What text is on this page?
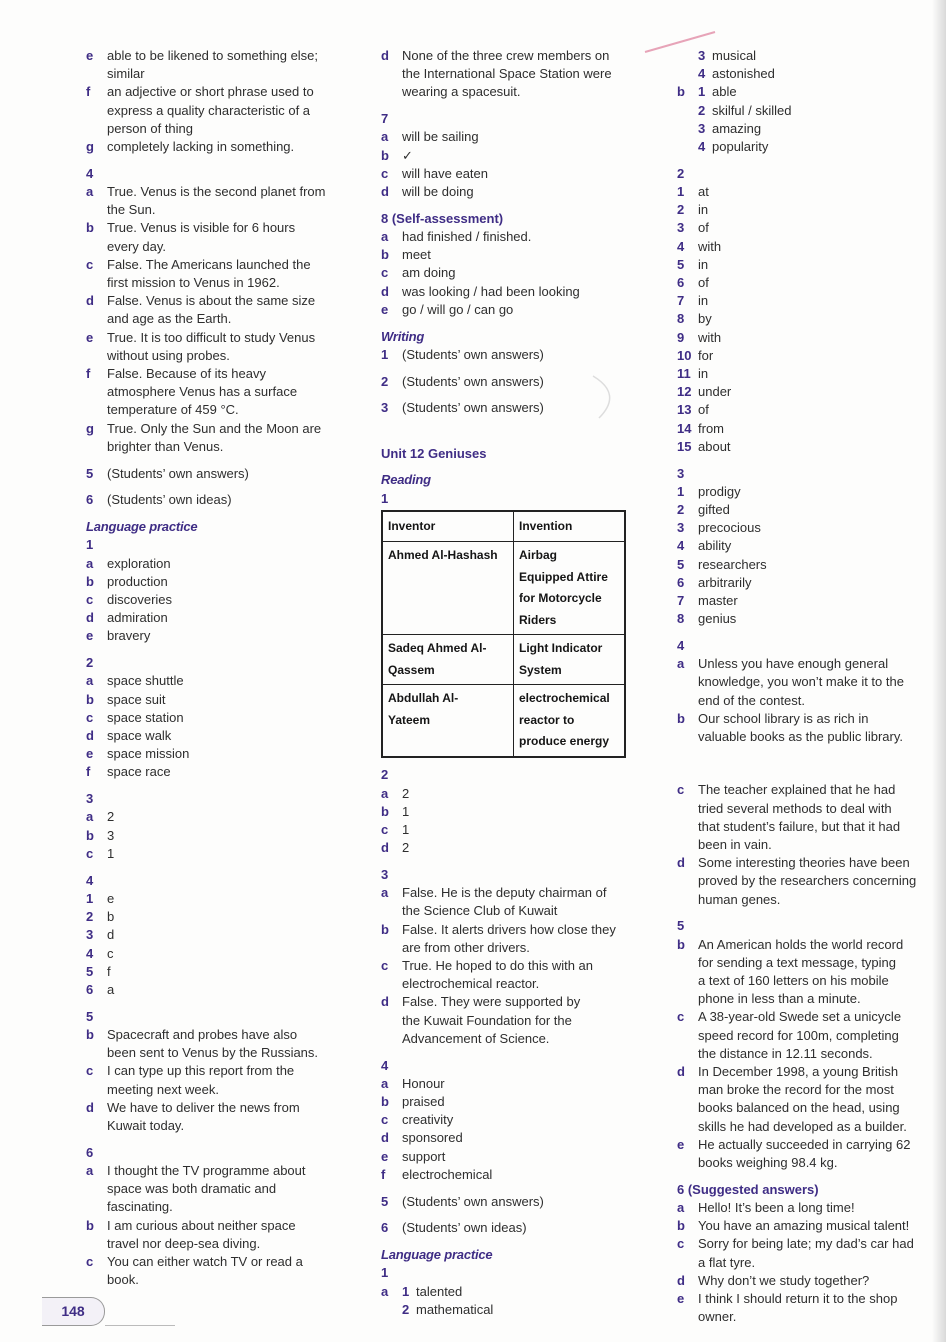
e	able to be likened to something else;
similar
f	an adjective or short phrase used to
express a quality characteristic of a
person of thing
g	completely lacking in something.
4
a	True. Venus is the second planet from
the Sun.
b	True. Venus is visible for 6 hours
every day.
c	False. The Americans launched the
first mission to Venus in 1962.
d	False. Venus is about the same size
and age as the Earth.
e	True. It is too difficult to study Venus
without using probes.
f	False. Because of its heavy
atmosphere Venus has a surface
temperature of 459 °C.
g	True. Only the Sun and the Moon are
brighter than Venus.
5	(Students’ own answers)
6	(Students’ own ideas)
Language practice
1
a	exploration
b	production
c	discoveries
d	admiration
e	bravery
2
a	space shuttle
b	space suit
c	space station
d	space walk
e	space mission
f	space race
3
a	2
b	3
c	1
4
1	e
2	b
3	d
4	c
5	f
6	a
5
b	Spacecraft and probes have also
been sent to Venus by the Russians.
c	I can type up this report from the
meeting next week.
d	We have to deliver the news from
Kuwait today.
6
a	I thought the TV programme about
space was both dramatic and
fascinating.
b	I am curious about neither space
travel nor deep-sea diving.
c	You can either watch TV or read a
book.
d	None of the three crew members on
the International Space Station were
wearing a spacesuit.
7
a	will be sailing
b	✓
c	will have eaten
d	will be doing
8 (Self-assessment)
a	had finished / finished.
b	meet
c	am doing
d	was looking / had been looking
e	go / will go / can go
Writing
1	(Students’ own answers)
2	(Students’ own answers)
3	(Students’ own answers)
Unit 12 Geniuses
Reading
1
Inventor	Invention
Ahmed Al-Hashash	Airbag
Equipped Attire
for Motorcycle
Riders
Sadeq Ahmed Al-
Qassem	Light Indicator
System
Abdullah Al-
Yateem	electrochemical
reactor to
produce energy
2
a	2
b	1
c	1
d	2
3
a	False. He is the deputy chairman of
the Science Club of Kuwait
b	False. It alerts drivers how close they
are from other drivers.
c	True. He hoped to do this with an
electrochemical reactor.
d	False. They were supported by
the Kuwait Foundation for the
Advancement of Science.
4
a	Honour
b	praised
c	creativity
d	sponsored
e	support
f	electrochemical
5	(Students’ own answers)
6	(Students’ own ideas)
Language practice
1
a 1 talented
2 mathematical
3 musical
4 astonished
b 1 able
2 skilful / skilled
3 amazing
4 popularity
2
1	at
2	in
3	of
4	with
5	in
6	of
7	in
8	by
9	with
10 for
11 in
12 under
13 of
14 from
15 about
3
1	prodigy
2	gifted
3	precocious
4	ability
5	researchers
6	arbitrarily
7	master
8	genius
4
a	Unless you have enough general
knowledge, you won’t make it to the
end of the contest.
b	Our school library is as rich in
valuable books as the public library.
c	The teacher explained that he had
tried several methods to deal with
that student’s failure, but that it had
been in vain.
d	Some interesting theories have been
proved by the researchers concerning
human genes.
5
b	An American holds the world record
for sending a text message, typing
a text of 160 letters on his mobile
phone in less than a minute.
c	A 38-year-old Swede set a unicycle
speed record for 100m, completing
the distance in 12.11 seconds.
d	In December 1998, a young British
man broke the record for the most
books balanced on the head, using
skills he had developed as a builder.
e	He actually succeeded in carrying 62
books weighing 98.4 kg.
6 (Suggested answers)
a	Hello! It’s been a long time!
b	You have an amazing musical talent!
c	Sorry for being late; my dad’s car had
a flat tyre.
d	Why don’t we study together?
e	I think I should return it to the shop
owner.
148
